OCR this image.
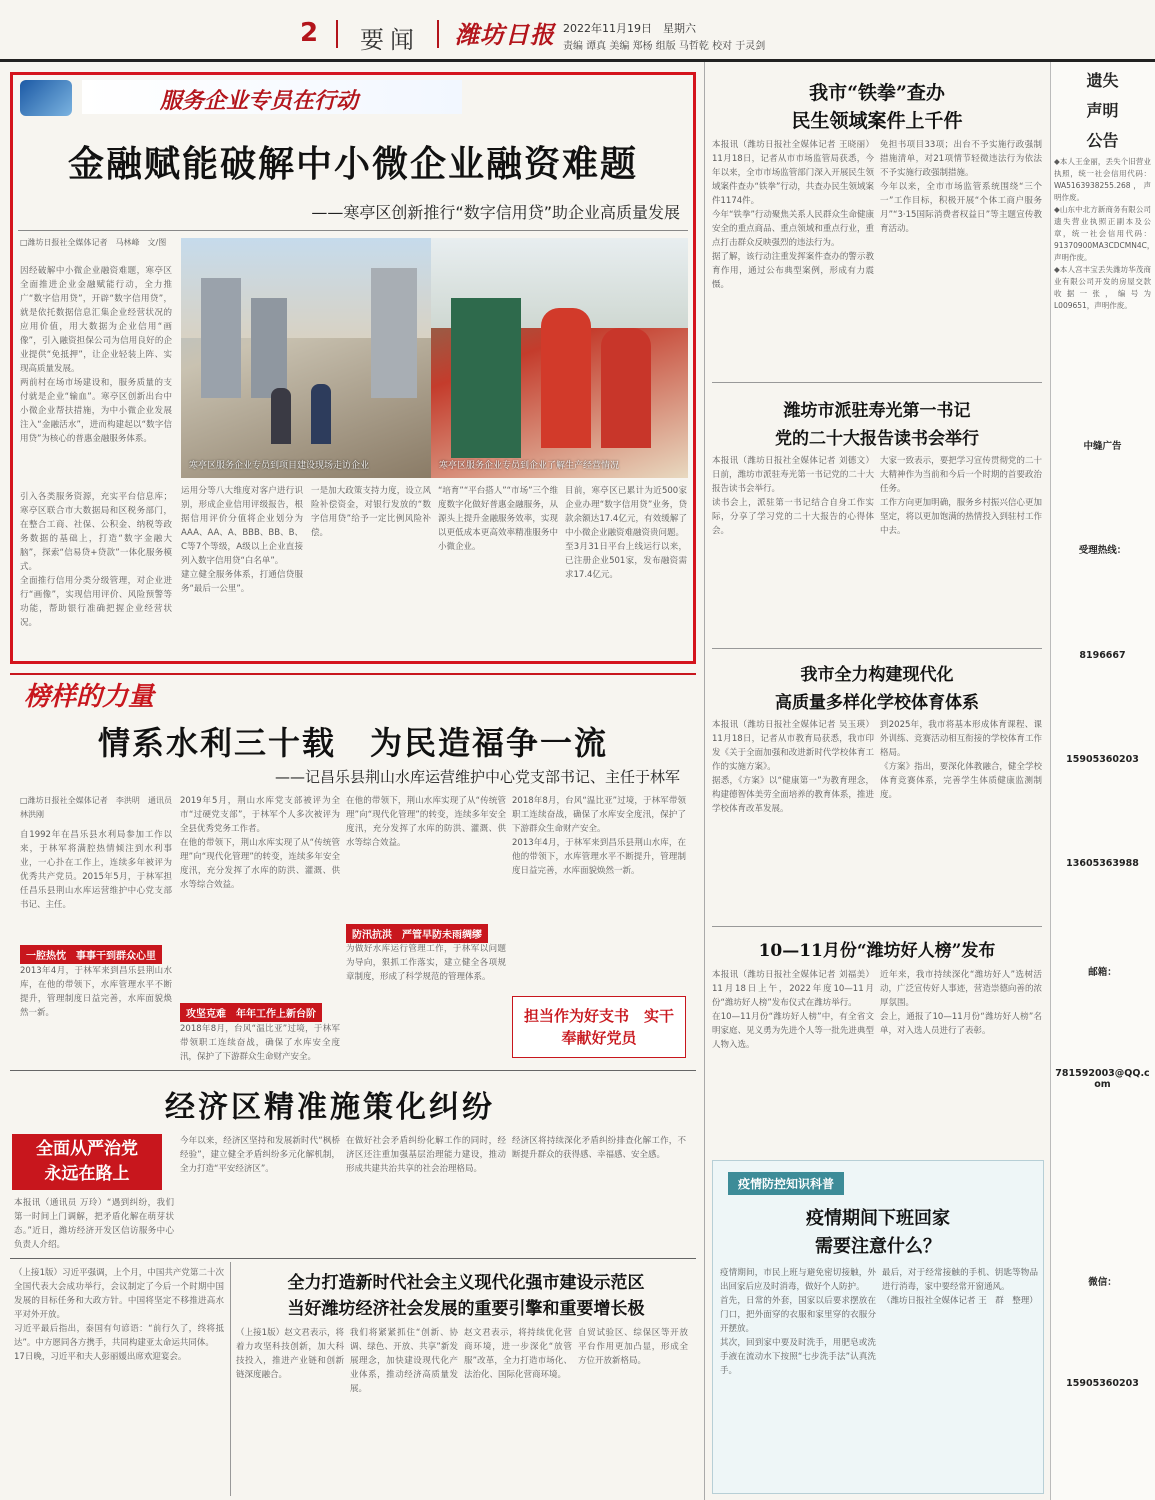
2 要闻 潍坊日报 2022年11月19日　星期六
责编 谭真 美编 郑杨 组版 马哲乾 校对 于灵剑
服务企业专员在行动
金融赋能破解中小微企业融资难题
——寒亭区创新推行“数字信用贷”助企业高质量发展
□潍坊日报社全媒体记者　马林峰　文/图

因经破解中小微企业融资难题，寒亭区全面推进企业金融赋能行动，全力推广“数字信用贷”，开辟“数字信用贷”，就是依托数据信息汇集企业经营状况的应用价值，用大数据为企业信用“画像”，引入融资担保公司为信用良好的企业提供“免抵押”，让企业轻装上阵、实现高质量发展。

两前村在场市场建设和，服务质量的支付就是企业“输血”。寒亭区创新出台中小微企业帮扶措施，为中小微企业发展注入“金融活水”，进而构建起以“数字信用贷”为核心的普惠金融服务体系。

引入各类服务资源，充实平台信息库；寒亭区联合市大数据局和区税务部门，在整合工商、社保、公积金、纳税等政务数据的基础上，打造“数字金融大脑”，探索“信易贷+贷款”一体化服务模式。

全面推行信用分类分级管理，对企业进行“画像”，实现信用评价、风险预警等功能，帮助银行准确把握企业经营状况。

寒亭区服务企业专员到项目建设现场走访企业	寒亭区服务企业专员到企业了解生产经营情况

运用分等八大维度对客户进行识别，形成企业信用评级报告，根据信用评价分值将企业划分为AAA、AA、A、BBB、BB、B、C等7个等级，A级以上企业直接列入数字信用贷“白名单”。

建立健全服务体系，打通信贷服务“最后一公里”。

一是加大政策支持力度，设立风险补偿资金，对银行发放的“数字信用贷”给予一定比例风险补偿。

“培育”“平台搭人”“市场”三个维度数字化做好普惠金融服务，从源头上提升金融服务效率，实现以更低成本更高效率精准服务中小微企业。

目前，寒亭区已累计为近500家企业办理“数字信用贷”业务，贷款余额达17.4亿元，有效缓解了中小微企业融资难融资贵问题。

至3月31日平台上线运行以来，已注册企业501家，发布融资需求17.4亿元。

榜样的力量
情系水利三十载　为民造福争一流
——记昌乐县荆山水库运营维护中心党支部书记、主任于林军
□潍坊日报社全媒体记者　李洪明　通讯员　林洪刚

自1992年在昌乐县水利局参加工作以来，于林军将满腔热情倾注到水利事业，一心扑在工作上，连续多年被评为优秀共产党员。2015年5月，于林军担任昌乐县荆山水库运营维护中心党支部书记、主任。

一腔热忱　事事干到群众心里

2013年4月，于林军来到昌乐县荆山水库，在他的带领下，水库管理水平不断提升，管理制度日益完善，水库面貌焕然一新。

2019年5月，荆山水库党支部被评为全市“过硬党支部”，于林军个人多次被评为全县优秀党务工作者。

在他的带领下，荆山水库实现了从“传统管理”向“现代化管理”的转变，连续多年安全度汛，充分发挥了水库的防洪、灌溉、供水等综合效益。

攻坚克难　年年工作上新台阶

2018年8月，台风“温比亚”过境，于林军带领职工连续奋战，确保了水库安全度汛，保护了下游群众生命财产安全。

在他的带领下，荆山水库实现了从“传统管理”向“现代化管理”的转变，连续多年安全度汛，充分发挥了水库的防洪、灌溉、供水等综合效益。

防汛抗洪　严管早防未雨绸缪

为做好水库运行管理工作，于林军以问题为导向，狠抓工作落实，建立健全各项规章制度，形成了科学规范的管理体系。

2018年8月，台风“温比亚”过境，于林军带领职工连续奋战，确保了水库安全度汛，保护了下游群众生命财产安全。

2013年4月，于林军来到昌乐县荆山水库，在他的带领下，水库管理水平不断提升，管理制度日益完善，水库面貌焕然一新。

担当作为好支书　实干奉献好党员
经济区精准施策化纠纷
全面从严治党
永远在路上

本报讯（通讯员 万玲）“遇到纠纷，我们第一时间上门调解，把矛盾化解在萌芽状态。”近日，潍坊经济开发区信访服务中心负责人介绍。

今年以来，经济区坚持和发展新时代“枫桥经验”，建立健全矛盾纠纷多元化解机制，全力打造“平安经济区”。

在做好社会矛盾纠纷化解工作的同时，经济区还注重加强基层治理能力建设，推动形成共建共治共享的社会治理格局。

经济区将持续深化矛盾纠纷排查化解工作，不断提升群众的获得感、幸福感、安全感。

（上接1版）习近平强调，上个月，中国共产党第二十次全国代表大会成功举行，会议制定了今后一个时期中国发展的目标任务和大政方针。中国将坚定不移推进高水平对外开放。

习近平最后指出，泰国有句谚语：“前行久了，终将抵达”。中方愿同各方携手，共同构建亚太命运共同体。

17日晚，习近平和夫人彭丽媛出席欢迎宴会。

全力打造新时代社会主义现代化强市建设示范区
当好潍坊经济社会发展的重要引擎和重要增长极

（上接1版）赵文君表示，将着力攻坚科技创新，加大科技投入，推进产业链和创新链深度融合。

我们将紧紧抓住“创新、协调、绿色、开放、共享”新发展理念，加快建设现代化产业体系，推动经济高质量发展。

赵文君表示，将持续优化营商环境，进一步深化“放管服”改革，全力打造市场化、法治化、国际化营商环境。

自贸试验区、综保区等开放平台作用更加凸显，形成全方位开放新格局。

我市“铁拳”查办
民生领域案件上千件

本报讯（潍坊日报社全媒体记者 王晓丽）11月18日，记者从市市场监管局获悉，今年以来，全市市场监管部门深入开展民生领域案件查办“铁拳”行动，共查办民生领域案件1174件。

今年“铁拳”行动聚焦关系人民群众生命健康安全的重点商品、重点领域和重点行业，重点打击群众反映强烈的违法行为。

据了解，该行动注重发挥案件查办的警示教育作用，通过公布典型案例，形成有力震慑。

免担书项目33项；出台不予实施行政强制措施清单，对21项情节轻微违法行为依法不予实施行政强制措施。

今年以来，全市市场监管系统围绕“三个一”工作目标，积极开展“个体工商户服务月”“3·15国际消费者权益日”等主题宣传教育活动。

潍坊市派驻寿光第一书记
党的二十大报告读书会举行

本报讯（潍坊日报社全媒体记者 刘德文）日前，潍坊市派驻寿光第一书记党的二十大报告读书会举行。

读书会上，派驻第一书记结合自身工作实际，分享了学习党的二十大报告的心得体会。

大家一致表示，要把学习宣传贯彻党的二十大精神作为当前和今后一个时期的首要政治任务。

工作方向更加明确，服务乡村振兴信心更加坚定，将以更加饱满的热情投入到驻村工作中去。

我市全力构建现代化
高质量多样化学校体育体系

本报讯（潍坊日报社全媒体记者 吴玉瑛）11月18日，记者从市教育局获悉，我市印发《关于全面加强和改进新时代学校体育工作的实施方案》。

据悉，《方案》以“健康第一”为教育理念，构建德智体美劳全面培养的教育体系，推进学校体育改革发展。

到2025年，我市将基本形成体育课程、课外训练、竞赛活动相互衔接的学校体育工作格局。

《方案》指出，要深化体教融合，健全学校体育竞赛体系，完善学生体质健康监测制度。

10—11月份“潍坊好人榜”发布

本报讯（潍坊日报社全媒体记者 刘福美）11月18日上午，2022年度10—11月份“潍坊好人榜”发布仪式在潍坊举行。

在10—11月份“潍坊好人榜”中，有全省文明家庭、见义勇为先进个人等一批先进典型人物入选。

近年来，我市持续深化“潍坊好人”选树活动，广泛宣传好人事迹，营造崇德向善的浓厚氛围。

会上，通报了10—11月份“潍坊好人榜”名单，对入选人员进行了表彰。

疫情防控知识科普
疫情期间下班回家
需要注意什么？

疫情期间，市民上班与避免密切接触，外出回家后应及时消毒，做好个人防护。

首先，日常的外套，国家以后要求摆放在门口，把外面穿的衣服和家里穿的衣服分开摆放。

其次，回到家中要及时洗手，用肥皂或洗手液在流动水下按照“七步洗手法”认真洗手。

最后，对于经常接触的手机、钥匙等物品进行消毒，家中要经常开窗通风。

（潍坊日报社全媒体记者 王　群　整理）

遗失
声明
公告

◆本人王金丽，丢失个旧营业执照，统一社会信用代码：WA5163938255.268，声明作废。

◆山东中北方新商务有限公司遗失营业执照正副本及公章，统一社会信用代码：91370900MA3CDCMN4C，声明作废。

◆本人宫丰宝丢失潍坊华茂商业有限公司开发的房屋交款收据一张，编号为L009651，声明作废。

中缝广告
受理热线：
8196667
15905360203
13605363988
邮箱：
781592003@QQ.com
微信：
15905360203
